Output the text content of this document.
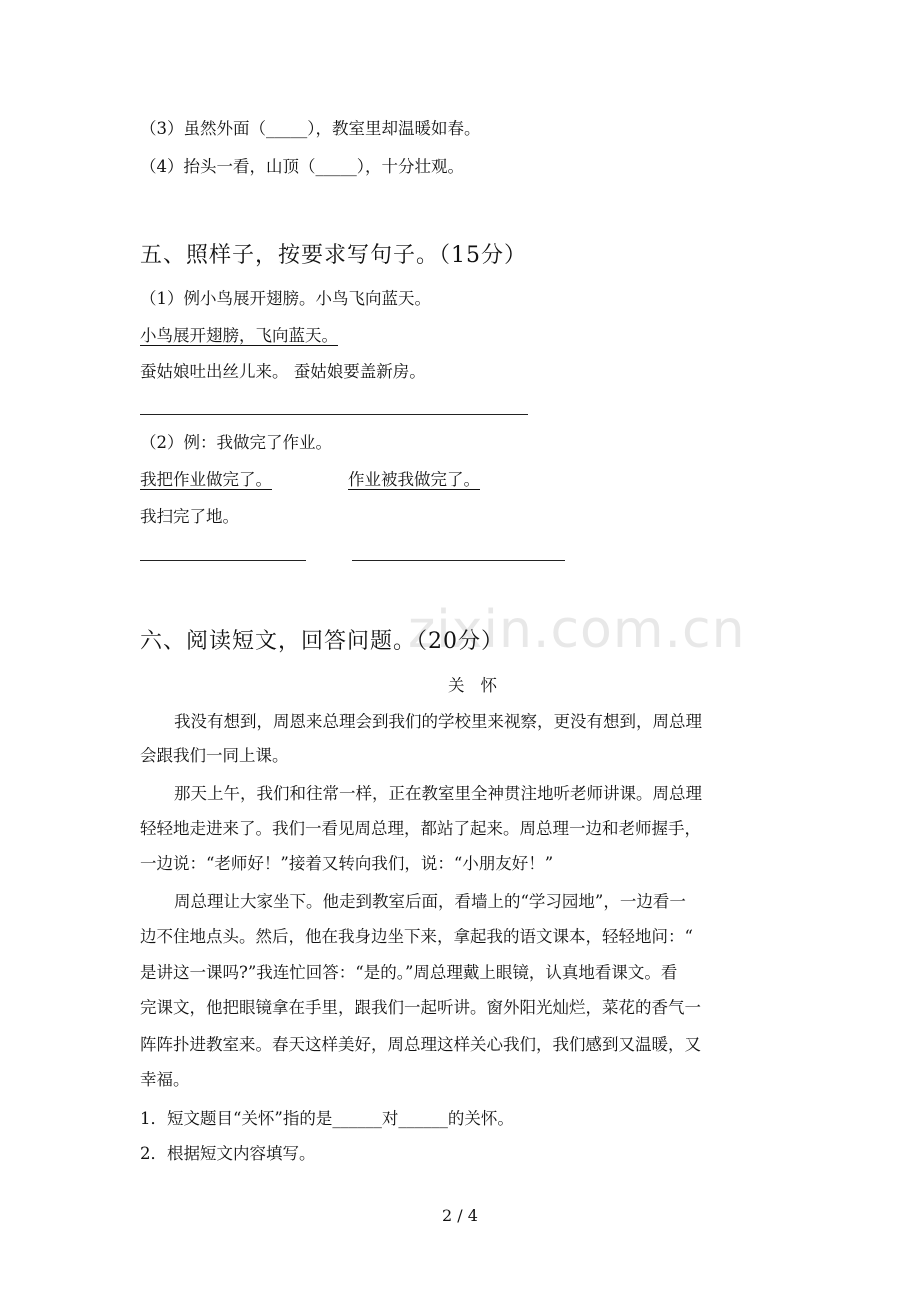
zixin.com.cn
（3）虽然外面（_____），教室里却温暖如春。
（4）抬头一看，山顶（_____），十分壮观。
五、照样子，按要求写句子。（15分）
（1）例小鸟展开翅膀。小鸟飞向蓝天。
小鸟展开翅膀，飞向蓝天。
蚕姑娘吐出丝儿来。 蚕姑娘要盖新房。
（2）例：我做完了作业。
我把作业做完了。	作业被我做完了。
我扫完了地。
六、阅读短文，回答问题。（20分）
关怀
我没有想到，周恩来总理会到我们的学校里来视察，更没有想到，周总理
会跟我们一同上课。
那天上午，我们和往常一样，正在教室里全神贯注地听老师讲课。周总理
轻轻地走进来了。我们一看见周总理，都站了起来。周总理一边和老师握手，
一边说：“老师好！”接着又转向我们，说：“小朋友好！”
周总理让大家坐下。他走到教室后面，看墙上的“学习园地”，一边看一
边不住地点头。然后，他在我身边坐下来，拿起我的语文课本，轻轻地问：“
是讲这一课吗?”我连忙回答：“是的。”周总理戴上眼镜，认真地看课文。看
完课文，他把眼镜拿在手里，跟我们一起听讲。窗外阳光灿烂，菜花的香气一
阵阵扑进教室来。春天这样美好，周总理这样关心我们，我们感到又温暖，又
幸福。
1．短文题目“关怀”指的是______对______的关怀。
2．根据短文内容填写。
2 / 4
